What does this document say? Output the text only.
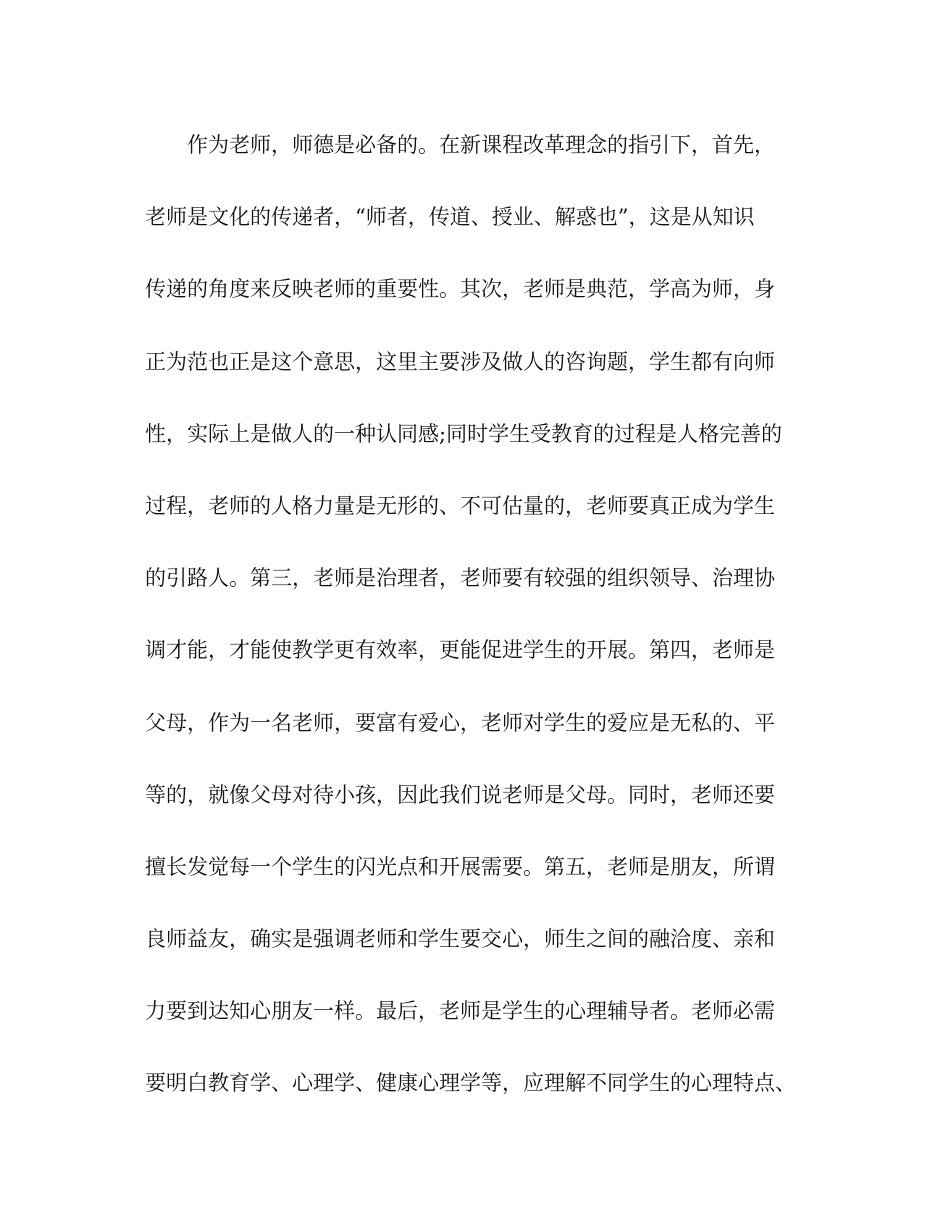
作为老师，师德是必备的。在新课程改革理念的指引下，首先，
老师是文化的传递者，“师者，传道、授业、解惑也”，这是从知识
传递的角度来反映老师的重要性。其次，老师是典范，学高为师，身
正为范也正是这个意思，这里主要涉及做人的咨询题，学生都有向师
性，实际上是做人的一种认同感;同时学生受教育的过程是人格完善的
过程，老师的人格力量是无形的、不可估量的，老师要真正成为学生
的引路人。第三，老师是治理者，老师要有较强的组织领导、治理协
调才能，才能使教学更有效率，更能促进学生的开展。第四，老师是
父母，作为一名老师，要富有爱心，老师对学生的爱应是无私的、平
等的，就像父母对待小孩，因此我们说老师是父母。同时，老师还要
擅长发觉每一个学生的闪光点和开展需要。第五，老师是朋友，所谓
良师益友，确实是强调老师和学生要交心，师生之间的融洽度、亲和
力要到达知心朋友一样。最后，老师是学生的心理辅导者。老师必需
要明白教育学、心理学、健康心理学等，应理解不同学生的心理特点、
